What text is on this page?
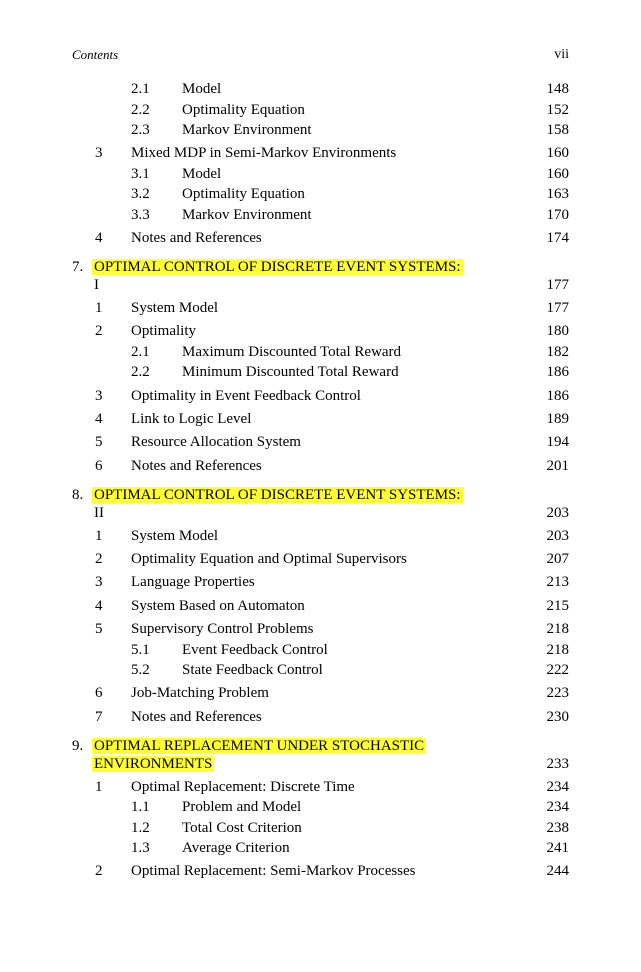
Contents	vii
2.1 Model	148
2.2 Optimality Equation	152
2.3 Markov Environment	158
3 Mixed MDP in Semi-Markov Environments	160
3.1 Model	160
3.2 Optimality Equation	163
3.3 Markov Environment	170
4 Notes and References	174
7. OPTIMAL CONTROL OF DISCRETE EVENT SYSTEMS:
I	177
1 System Model	177
2 Optimality	180
2.1 Maximum Discounted Total Reward	182
2.2 Minimum Discounted Total Reward	186
3 Optimality in Event Feedback Control	186
4 Link to Logic Level	189
5 Resource Allocation System	194
6 Notes and References	201
8. OPTIMAL CONTROL OF DISCRETE EVENT SYSTEMS:
II	203
1 System Model	203
2 Optimality Equation and Optimal Supervisors	207
3 Language Properties	213
4 System Based on Automaton	215
5 Supervisory Control Problems	218
5.1 Event Feedback Control	218
5.2 State Feedback Control	222
6 Job-Matching Problem	223
7 Notes and References	230
9. OPTIMAL REPLACEMENT UNDER STOCHASTIC
ENVIRONMENTS	233
1 Optimal Replacement: Discrete Time	234
1.1 Problem and Model	234
1.2 Total Cost Criterion	238
1.3 Average Criterion	241
2 Optimal Replacement: Semi-Markov Processes	244
